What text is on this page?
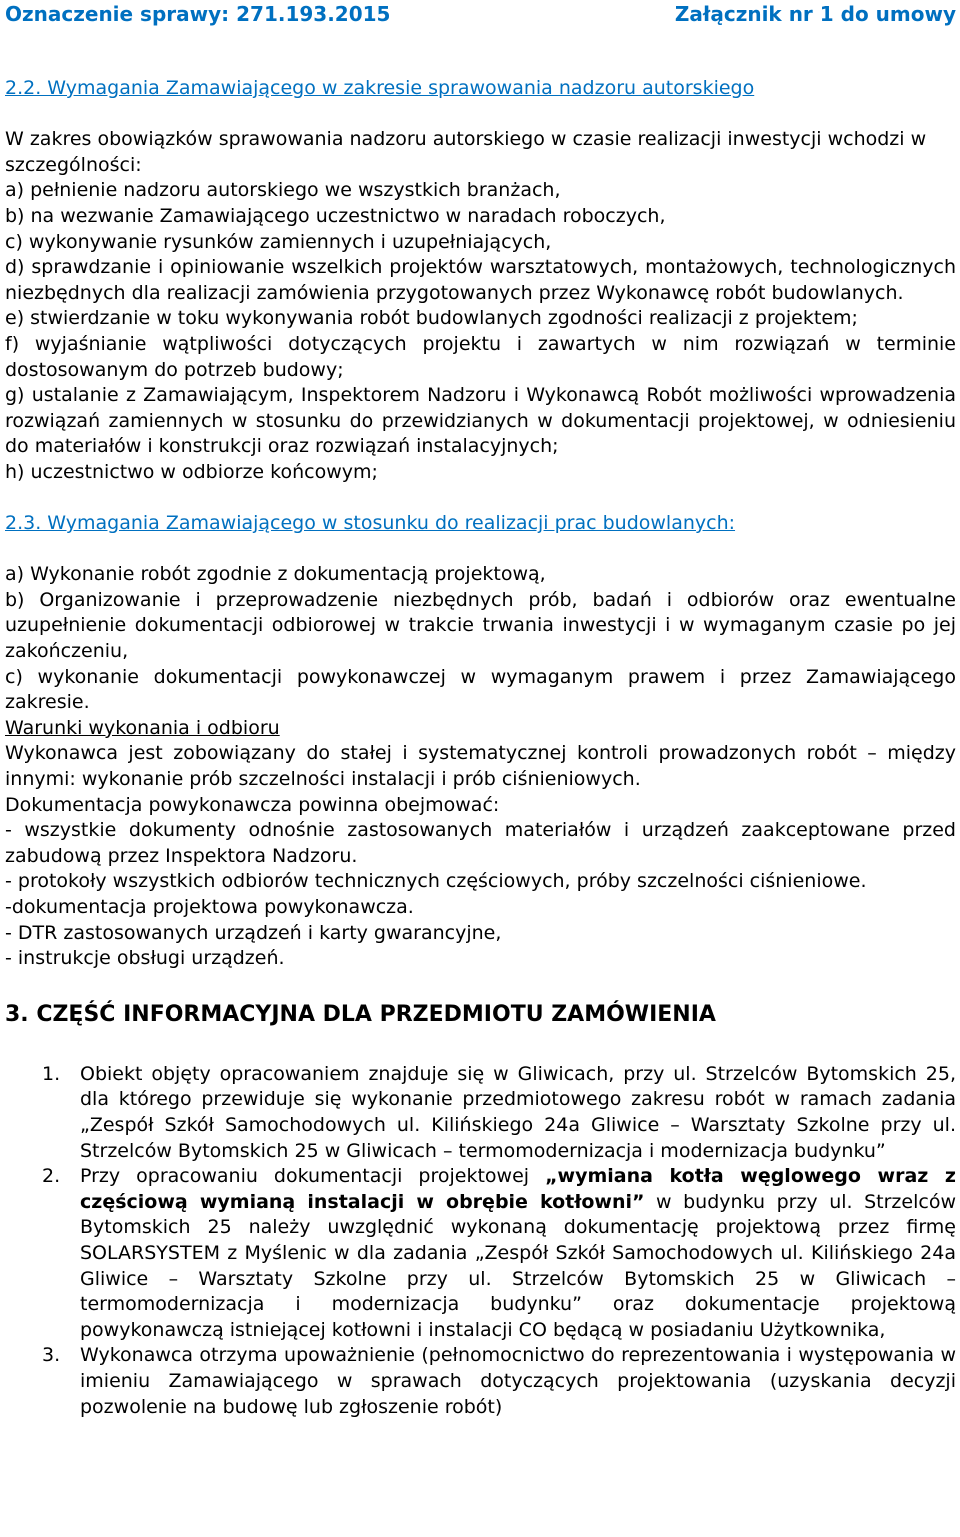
Oznaczenie sprawy: 271.193.2015	Załącznik nr 1 do umowy

2.2. Wymagania Zamawiającego w zakresie sprawowania nadzoru autorskiego

W zakres obowiązków sprawowania nadzoru autorskiego w czasie realizacji inwestycji wchodzi w szczególności:

a) pełnienie nadzoru autorskiego we wszystkich branżach,

b) na wezwanie Zamawiającego uczestnictwo w naradach roboczych,

c) wykonywanie rysunków zamiennych i uzupełniających,

d) sprawdzanie i opiniowanie wszelkich projektów warsztatowych, montażowych, technologicznych niezbędnych dla realizacji zamówienia przygotowanych przez Wykonawcę robót budowlanych.

e) stwierdzanie w toku wykonywania robót budowlanych zgodności realizacji z projektem;

f) wyjaśnianie wątpliwości dotyczących projektu i zawartych w nim rozwiązań w terminie dostosowanym do potrzeb budowy;

g) ustalanie z Zamawiającym, Inspektorem Nadzoru i Wykonawcą Robót możliwości wprowadzenia rozwiązań zamiennych w stosunku do przewidzianych w dokumentacji projektowej, w odniesieniu do materiałów i konstrukcji oraz rozwiązań instalacyjnych;

h) uczestnictwo w odbiorze końcowym;

2.3. Wymagania Zamawiającego w stosunku do realizacji prac budowlanych:

a) Wykonanie robót zgodnie z dokumentacją projektową,

b) Organizowanie i przeprowadzenie niezbędnych prób, badań i odbiorów oraz ewentualne uzupełnienie dokumentacji odbiorowej w trakcie trwania inwestycji i w wymaganym czasie po jej zakończeniu,

c) wykonanie dokumentacji powykonawczej w wymaganym prawem i przez Zamawiającego zakresie.

Warunki wykonania i odbioru

Wykonawca jest zobowiązany do stałej i systematycznej kontroli prowadzonych robót – między innymi: wykonanie prób szczelności instalacji i prób ciśnieniowych.

Dokumentacja powykonawcza powinna obejmować:

- wszystkie dokumenty odnośnie zastosowanych materiałów i urządzeń zaakceptowane przed zabudową przez Inspektora Nadzoru.

- protokoły wszystkich odbiorów technicznych częściowych, próby szczelności ciśnieniowe.

-dokumentacja projektowa powykonawcza.

- DTR zastosowanych urządzeń i karty gwarancyjne,

- instrukcje obsługi urządzeń.

3. CZĘŚĆ INFORMACYJNA DLA PRZEDMIOTU ZAMÓWIENIA
1. Obiekt objęty opracowaniem znajduje się w Gliwicach, przy ul. Strzelców Bytomskich 25, dla którego przewiduje się wykonanie przedmiotowego zakresu robót w ramach zadania „Zespół Szkół Samochodowych ul. Kilińskiego 24a Gliwice – Warsztaty Szkolne przy ul. Strzelców Bytomskich 25 w Gliwicach – termomodernizacja i modernizacja budynku”
2. Przy opracowaniu dokumentacji projektowej „wymiana kotła węglowego wraz z częściową wymianą instalacji w obrębie kotłowni” w budynku przy ul. Strzelców Bytomskich 25 należy uwzględnić wykonaną dokumentację projektową przez firmę SOLARSYSTEM z Myślenic w dla zadania „Zespół Szkół Samochodowych ul. Kilińskiego 24a Gliwice – Warsztaty Szkolne przy ul. Strzelców Bytomskich 25 w Gliwicach – termomodernizacja i modernizacja budynku” oraz dokumentacje projektową powykonawczą istniejącej kotłowni i instalacji CO będącą w posiadaniu Użytkownika,
3. Wykonawca otrzyma upoważnienie (pełnomocnictwo do reprezentowania i występowania w imieniu Zamawiającego w sprawach dotyczących projektowania (uzyskania decyzji pozwolenie na budowę lub zgłoszenie robót)
